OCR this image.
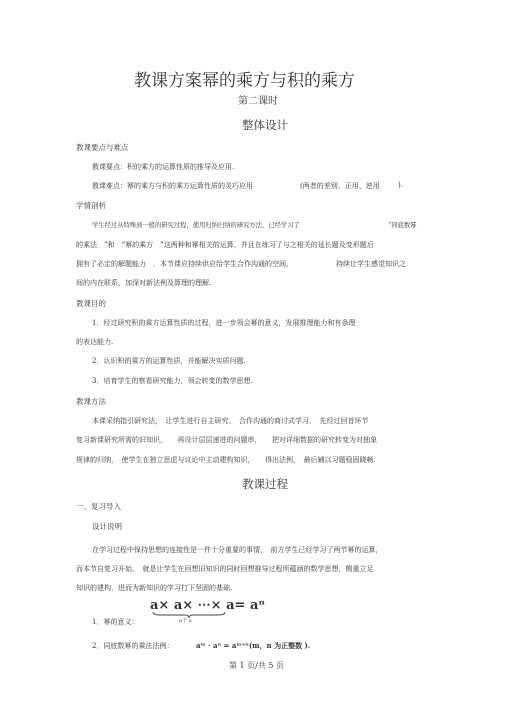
教课方案幂的乘方与积的乘方
第二课时
整体设计
教课要点与难点
教课要点：积的乘方的运算性质的推导及应用.
教课难点：幂的乘方与积的乘方运算性质的灵巧应用	(两者的差别、正用、逆用	).
学情剖析
学生经过从特殊到一般的研究过程，使用归纳归纳的研究方法，已经学习了	“同底数幂
的乘法　”和　“幂的乘方　”这两种和幂相关的运算，并且在练习了与之相关的延长题及变形题后
拥有了必定的解题能力　．本节课应持续供应给学生合作沟通的空间，	持续让学生感觉知识之
间的内在联系，加深对新法例及算理的理解.
教课目的
1．经过研究积的乘方运算性质的过程，进一步领会幂的意义，发展推理能力和有条理
的表达能力.
2．认识积的乘方的运算性质，并能解决实质问题.
3．培育学生的察看研究能力，领会转变的数学思想.
教课方法
本课采纳指引研究法，　让学生进行自主研究、　合作沟通的商讨式学习．　先经过回首环节
复习新课研究所需的旧知识，　　再设计层层递进的问题串，　　把对详细数据的研究转变为对抽象
规律的归纳，　使学生在独立思虑与议论中主动建构知识，　　得出法例，　最后辅以习题稳固晓畅.
教课过程
一、复习导入
设计说明
在学习过程中保持思想的连接性是一件十分重要的事情，　前方学生已经学习了两节幂的运算，
而本节自复习开始，　就是让学生在回想旧知识的同时回想推导过程所蕴涵的数学思想，侧重立足
知识的建构，进而为新知识的学习打下坚固的基础.
a× a× ⋯× a= aⁿ
n个 a
1．幂的意义：
2．同底数幂的乘法法例：	aᵐ · aⁿ = aᵐ⁺ⁿ(m，n 为正整数 ).
第 1 页/共 5 页
